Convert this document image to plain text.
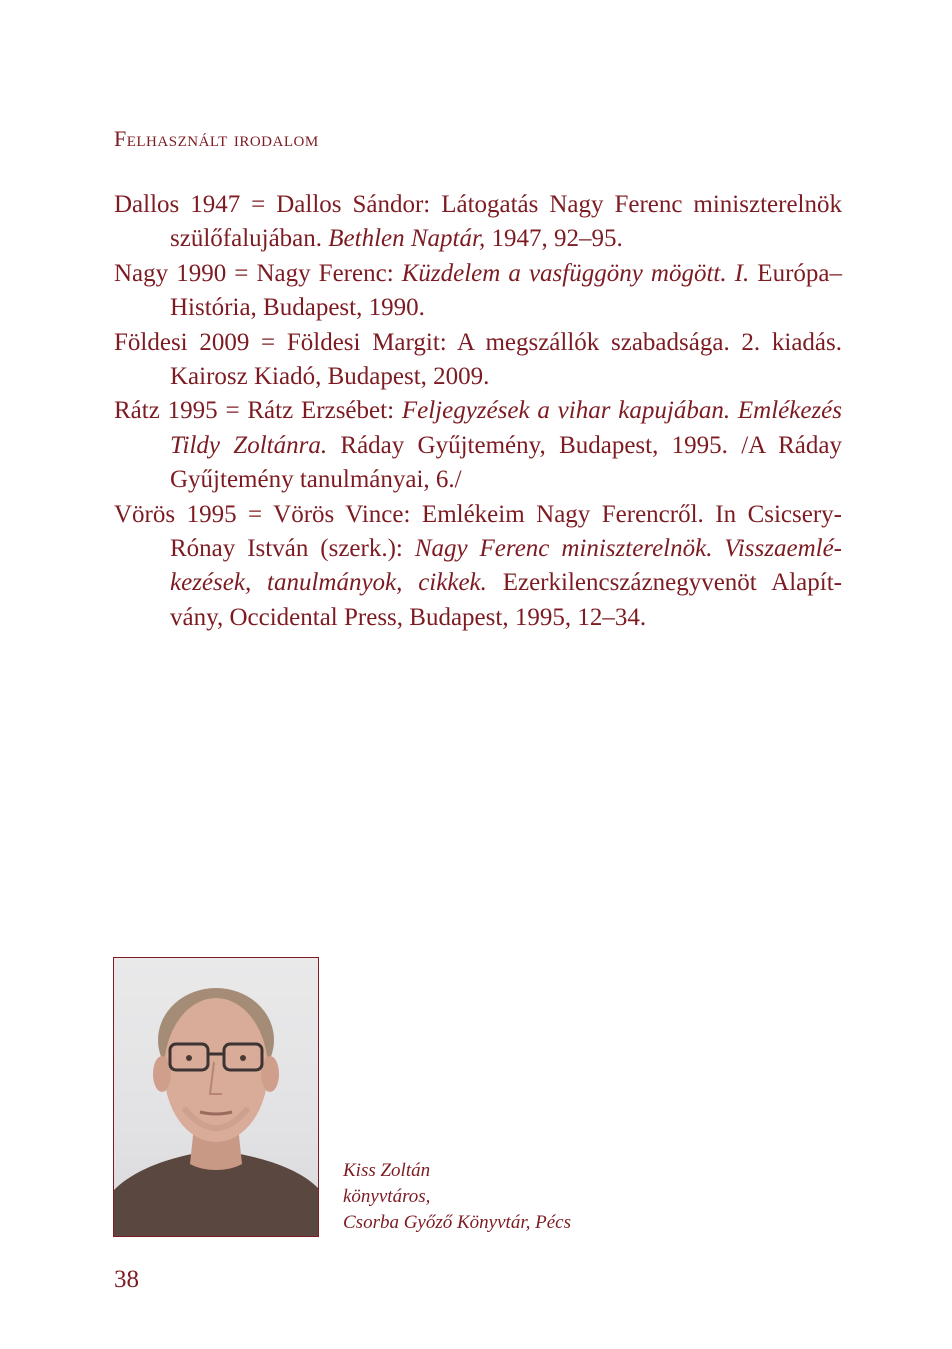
Felhasznált irodalom
Dallos 1947 = Dallos Sándor: Látogatás Nagy Ferenc miniszterelnök szülőfalujában. Bethlen Naptár, 1947, 92–95.
Nagy 1990 = Nagy Ferenc: Küzdelem a vasfüggöny mögött. I. Európa–História, Budapest, 1990.
Földesi 2009 = Földesi Margit: A megszállók szabadsága. 2. kiadás. Kairosz Kiadó, Budapest, 2009.
Rátz 1995 = Rátz Erzsébet: Feljegyzések a vihar kapujában. Emlékezés Tildy Zoltánra. Ráday Gyűjtemény, Budapest, 1995. /A Ráday Gyűjtemény tanulmányai, 6./
Vörös 1995 = Vörös Vince: Emlékeim Nagy Ferencről. In Csicsery-Rónay István (szerk.): Nagy Ferenc miniszterelnök. Visszaemlé-kezések, tanulmányok, cikkek. Ezerkilencszáznegyvenöt Alapít-vány, Occidental Press, Budapest, 1995, 12–34.
Kiss Zoltán
könyvtáros,
Csorba Győző Könyvtár, Pécs
38
